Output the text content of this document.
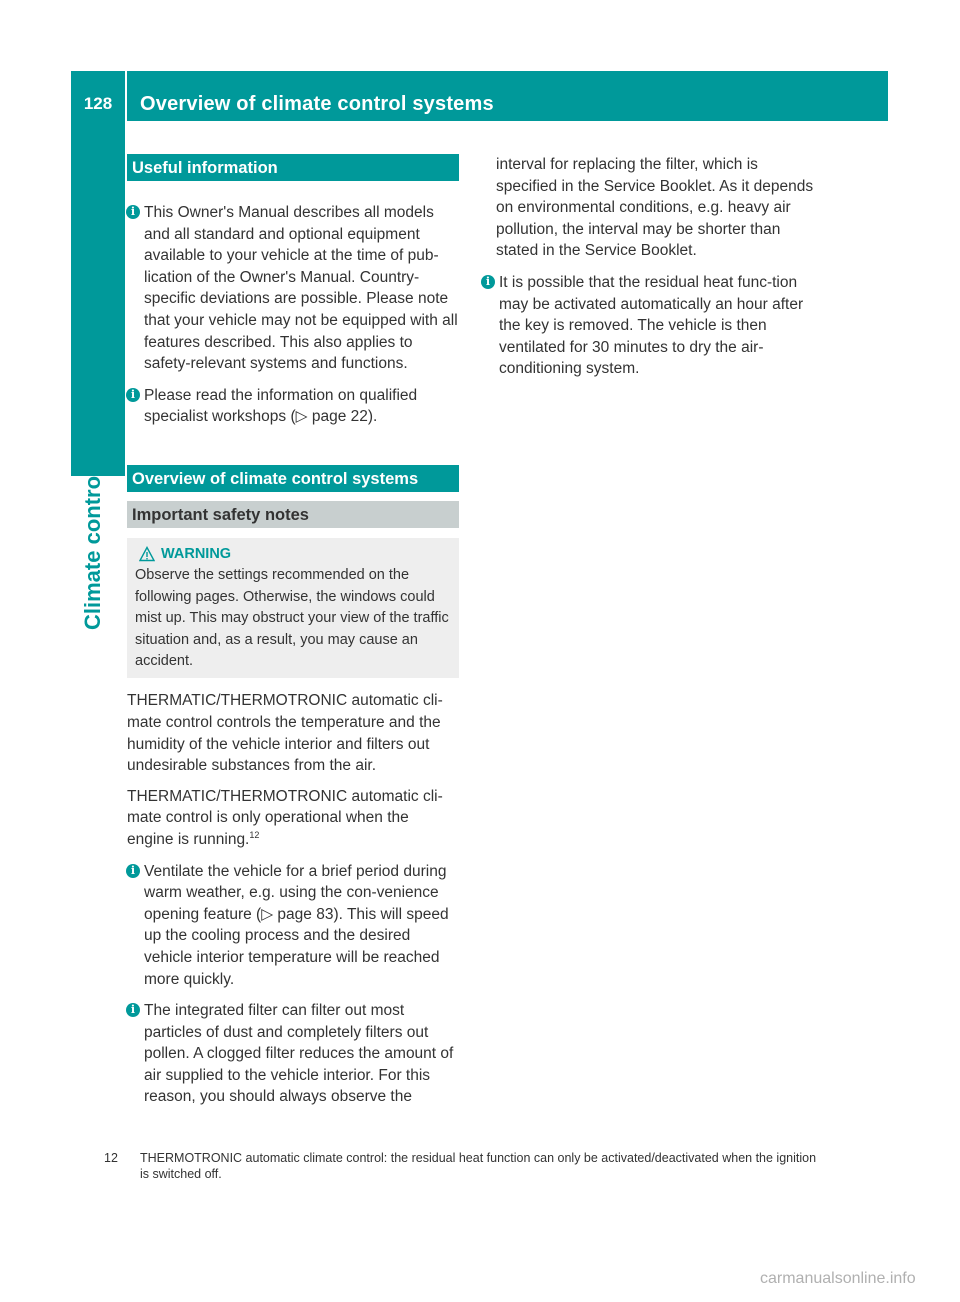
128	Overview of climate control systems
Climate control
Useful information

i This Owner's Manual describes all models and all standard and optional equipment available to your vehicle at the time of pub-lication of the Owner's Manual. Country-specific deviations are possible. Please note that your vehicle may not be equipped with all features described. This also applies to safety-relevant systems and functions.

i Please read the information on qualified specialist workshops (▷ page 22).

Overview of climate control systems
Important safety notes
WARNING
Observe the settings recommended on the following pages. Otherwise, the windows could mist up. This may obstruct your view of the traffic situation and, as a result, you may cause an accident.

THERMATIC/THERMOTRONIC automatic cli-mate control controls the temperature and the humidity of the vehicle interior and filters out undesirable substances from the air.

THERMATIC/THERMOTRONIC automatic cli-mate control is only operational when the engine is running.$^{12}$

i Ventilate the vehicle for a brief period during warm weather, e.g. using the con-venience opening feature (▷ page 83). This will speed up the cooling process and the desired vehicle interior temperature will be reached more quickly.

i The integrated filter can filter out most particles of dust and completely filters out pollen. A clogged filter reduces the amount of air supplied to the vehicle interior. For this reason, you should always observe the

interval for replacing the filter, which is specified in the Service Booklet. As it depends on environmental conditions, e.g. heavy air pollution, the interval may be shorter than stated in the Service Booklet.

i It is possible that the residual heat func-tion may be activated automatically an hour after the key is removed. The vehicle is then ventilated for 30 minutes to dry the air-conditioning system.

12	THERMOTRONIC automatic climate control: the residual heat function can only be activated/deactivated when the ignition is switched off.
carmanualsonline.info
